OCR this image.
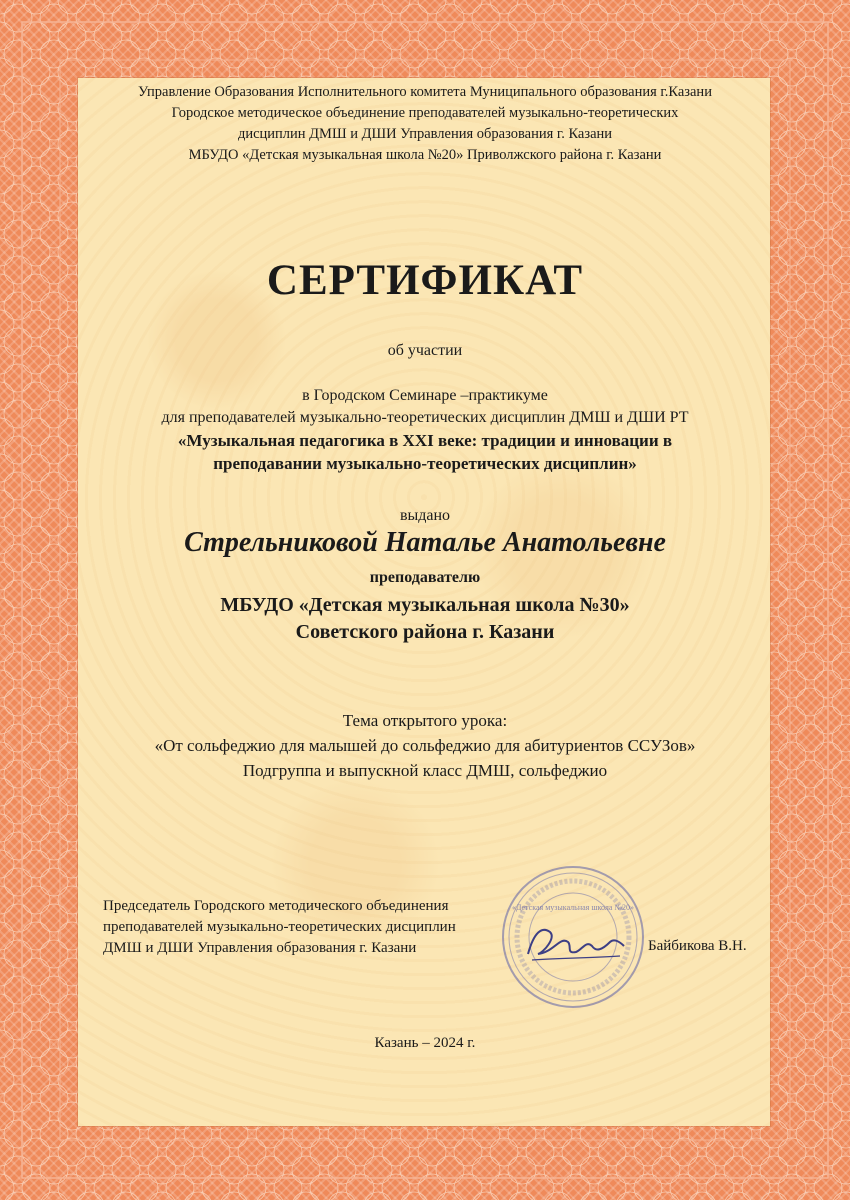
Управление Образования Исполнительного комитета Муниципального образования г.Казани
Городское методическое объединение преподавателей музыкально-теоретических
дисциплин ДМШ и ДШИ Управления образования г. Казани
МБУДО «Детская музыкальная школа №20» Приволжского района г. Казани
СЕРТИФИКАТ
об участии
в Городском Семинаре –практикуме
для преподавателей музыкально-теоретических дисциплин ДМШ и ДШИ РТ
«Музыкальная педагогика в XXI веке: традиции и инновации в
преподавании музыкально-теоретических дисциплин»
выдано
Стрельниковой Наталье Анатольевне
преподавателю
МБУДО «Детская музыкальная школа №30»
Советского района г. Казани
Тема открытого урока:
«От сольфеджио для малышей до сольфеджио для абитуриентов ССУЗов»
Подгруппа и выпускной класс ДМШ, сольфеджио
«Детская музыкальная школа №20»
Председатель Городского методического объединения
преподавателей музыкально-теоретических дисциплин
ДМШ и ДШИ Управления образования г. Казани	Байбикова В.Н.
Казань – 2024 г.
